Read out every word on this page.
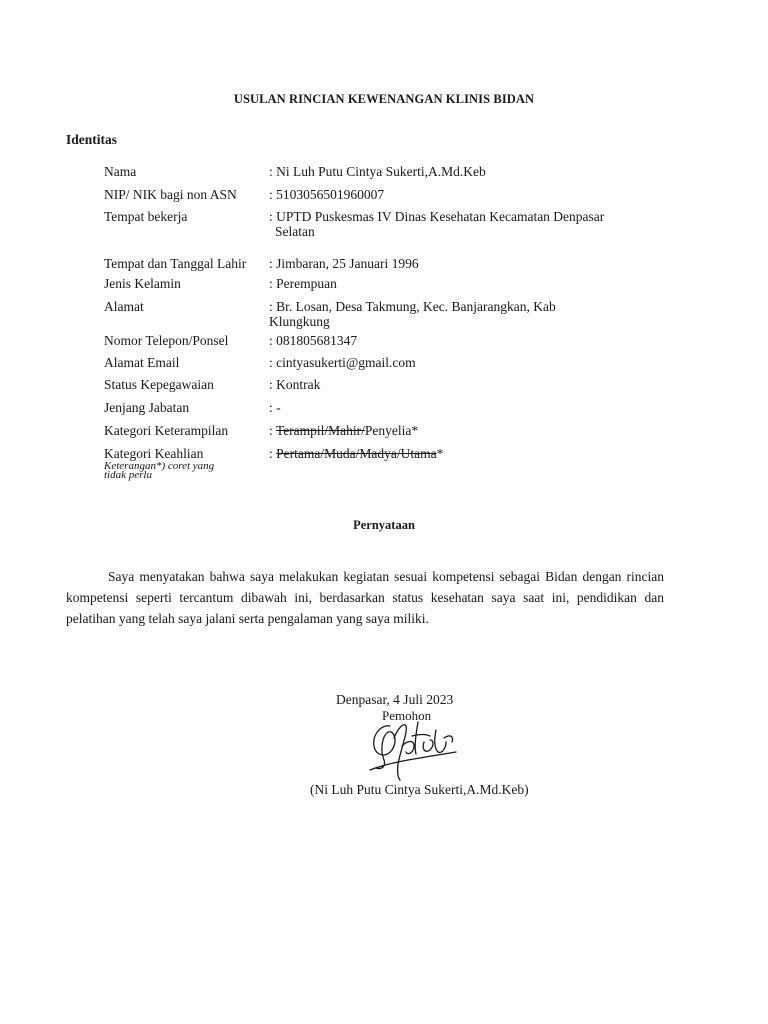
USULAN RINCIAN KEWENANGAN KLINIS BIDAN
Identitas
Nama	: Ni Luh Putu Cintya Sukerti,A.Md.Keb
NIP/ NIK bagi non ASN	: 5103056501960007
Tempat bekerja	: UPTD Puskesmas IV Dinas Kesehatan Kecamatan Denpasar
Selatan
Tempat dan Tanggal Lahir	: Jimbaran, 25 Januari 1996
Jenis Kelamin	: Perempuan
Alamat	: Br. Losan, Desa Takmung, Kec. Banjarangkan, Kab
Klungkung
Nomor Telepon/Ponsel	: 081805681347
Alamat Email	: cintyasukerti@gmail.com
Status Kepegawaian	: Kontrak
Jenjang Jabatan	: -
Kategori Keterampilan	: Terampil/Mahir/Penyelia*
Kategori Keahlian	: Pertama/Muda/Madya/Utama*
Keterangan*) coret yang
tidak perlu
Pernyataan
Saya menyatakan bahwa saya melakukan kegiatan sesuai kompetensi sebagai Bidan dengan rincian kompetensi seperti tercantum dibawah ini, berdasarkan status kesehatan saya saat ini, pendidikan dan pelatihan yang telah saya jalani serta pengalaman yang saya miliki.
Denpasar, 4 Juli 2023
Pemohon
(Ni Luh Putu Cintya Sukerti,A.Md.Keb)
